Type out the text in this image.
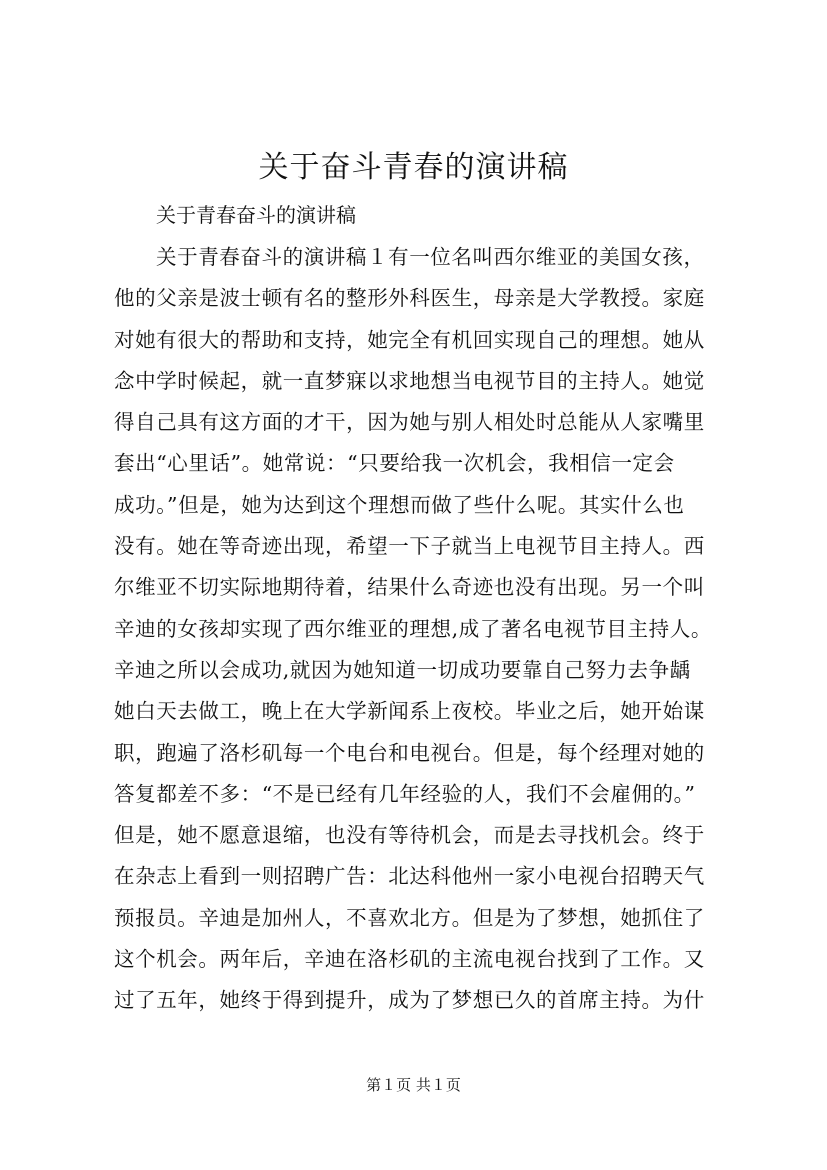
关于奋斗青春的演讲稿
关于青春奋斗的演讲稿
关于青春奋斗的演讲稿１有一位名叫西尔维亚的美国女孩，
他的父亲是波士顿有名的整形外科医生，母亲是大学教授。家庭
对她有很大的帮助和支持，她完全有机回实现自己的理想。她从
念中学时候起，就一直梦寐以求地想当电视节目的主持人。她觉
得自己具有这方面的才干，因为她与别人相处时总能从人家嘴里
套出“心里话”。她常说：“只要给我一次机会，我相信一定会
成功。”但是，她为达到这个理想而做了些什么呢。其实什么也
没有。她在等奇迹出现，希望一下子就当上电视节目主持人。西
尔维亚不切实际地期待着，结果什么奇迹也没有出现。另一个叫
辛迪的女孩却实现了西尔维亚的理想,成了著名电视节目主持人。
辛迪之所以会成功,就因为她知道一切成功要靠自己努力去争龋
她白天去做工，晚上在大学新闻系上夜校。毕业之后，她开始谋
职，跑遍了洛杉矶每一个电台和电视台。但是，每个经理对她的
答复都差不多：“不是已经有几年经验的人，我们不会雇佣的。”
但是，她不愿意退缩，也没有等待机会，而是去寻找机会。终于
在杂志上看到一则招聘广告：北达科他州一家小电视台招聘天气
预报员。辛迪是加州人，不喜欢北方。但是为了梦想，她抓住了
这个机会。两年后，辛迪在洛杉矶的主流电视台找到了工作。又
过了五年，她终于得到提升，成为了梦想已久的首席主持。为什
第１页 共１页
